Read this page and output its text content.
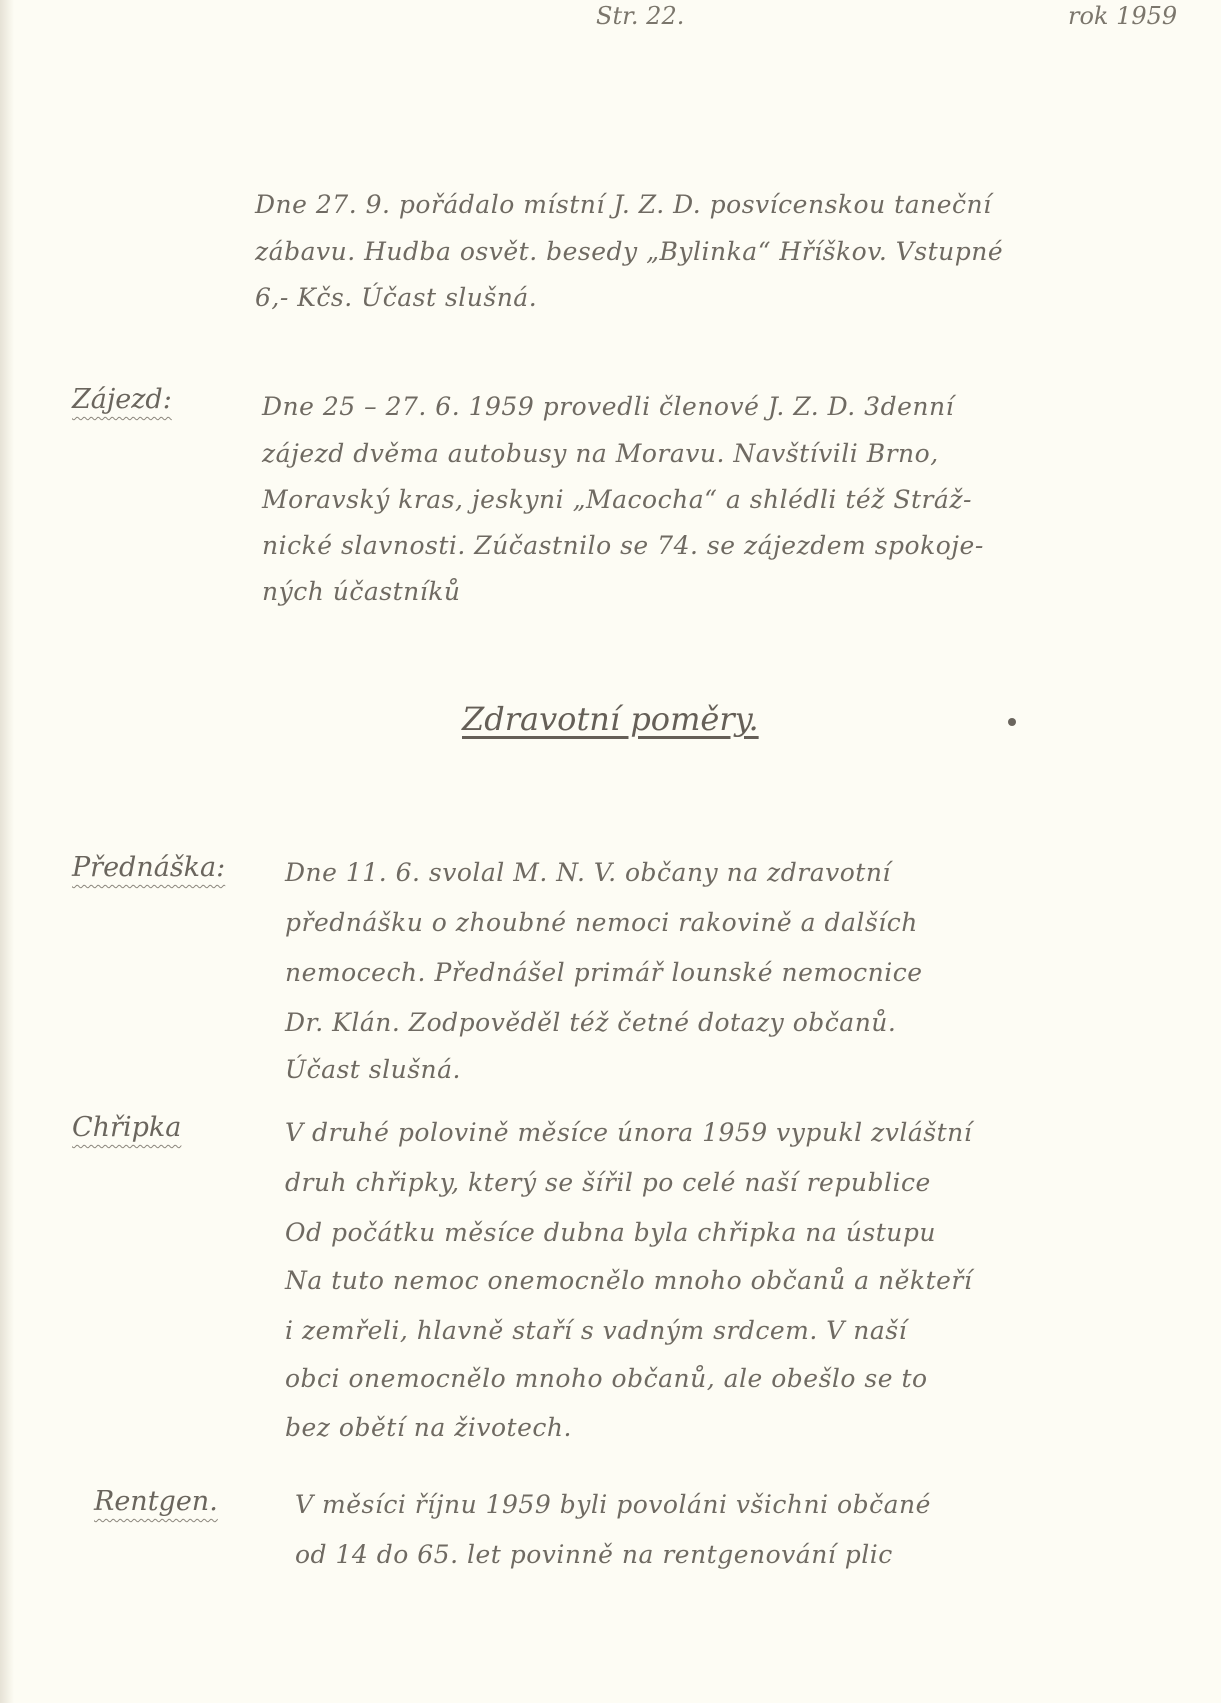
Str. 22.	rok 1959
Dne 27. 9. pořádalo místní J. Z. D. posvícenskou taneční
zábavu. Hudba osvět. besedy „Bylinka“ Hříškov. Vstupné
6,- Kčs. Účast slušná.
Zájezd:	Dne 25 – 27. 6. 1959 provedli členové J. Z. D. 3denní
zájezd dvěma autobusy na Moravu. Navštívili Brno,
Moravský kras, jeskyni „Macocha“ a shlédli též Stráž-
nické slavnosti. Zúčastnilo se 74. se zájezdem spokoje-
ných účastníků
Zdravotní poměry.
Přednáška: Dne 11. 6. svolal M. N. V. občany na zdravotní
přednášku o zhoubné nemoci rakovině a dalších
nemocech. Přednášel primář lounské nemocnice
Dr. Klán. Zodpověděl též četné dotazy občanů.
Účast slušná.
Chřipka	V druhé polovině měsíce února 1959 vypukl zvláštní
druh chřipky, který se šířil po celé naší republice
Od počátku měsíce dubna byla chřipka na ústupu
Na tuto nemoc onemocnělo mnoho občanů a někteří
i zemřeli, hlavně staří s vadným srdcem. V naší
obci onemocnělo mnoho občanů, ale obešlo se to
bez obětí na životech.
Rentgen.	V měsíci říjnu 1959 byli povoláni všichni občané
od 14 do 65. let povinně na rentgenování plic
